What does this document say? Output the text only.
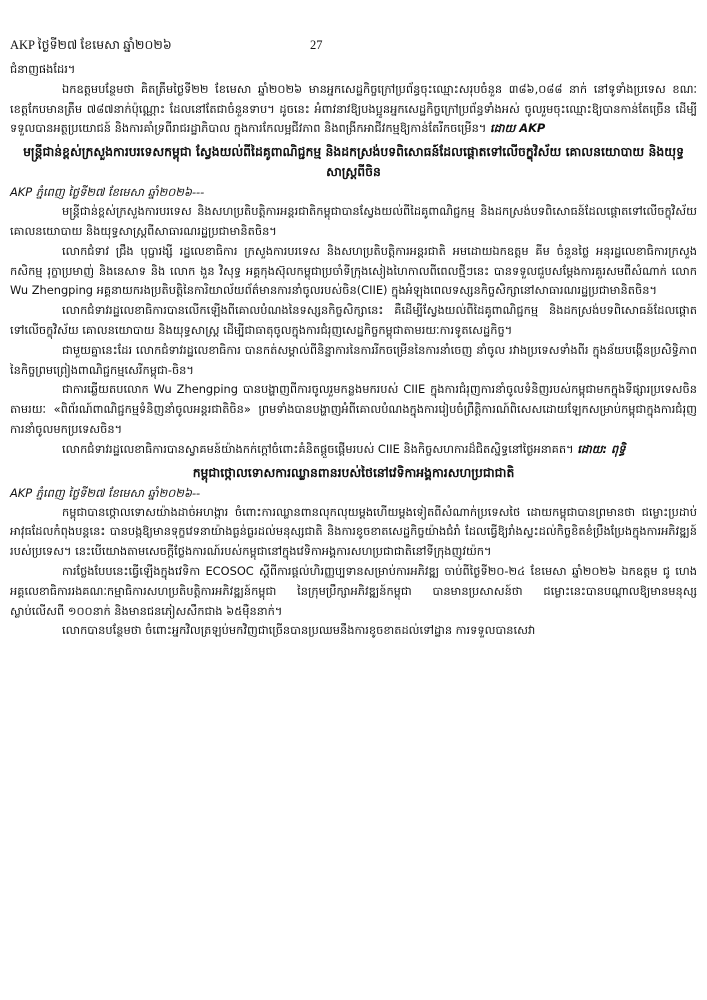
AKP ថ្ងៃទី២៧ ខែមេសា ឆ្នាំ២០២៦	27

ជំនាញផងដែរ។

ឯកឧត្តមបន្ថែមថា គិតត្រឹមថ្ងៃទី២២ ខែមេសា ឆ្នាំ២០២៦ មានអ្នកសេដ្ឋកិច្ចក្រៅប្រព័ន្ធចុះឈ្មោះសរុបចំនួន ៣៨៦,០៨៨ នាក់ នៅទូទាំងប្រទេស ខណៈខេត្តកែបមានត្រឹម ៧៨៧នាក់ប៉ុណ្ណោះ ដែលនៅតែជាចំនួនទាប។ ដូចនេះ អំពាវនាវឱ្យបងប្អូនអ្នកសេដ្ឋកិច្ចក្រៅប្រព័ន្ធទាំងអស់ ចូលរួមចុះឈ្មោះឱ្យបានកាន់តែច្រើន ដើម្បីទទួលបានអត្ថប្រយោជន៍ និងការគាំទ្រពីរាជរដ្ឋាភិបាល ក្នុងការកែលម្អជីវភាព និងពង្រីកអាជីវកម្មឱ្យកាន់តែរីកចម្រើន។ ដោយ AKP

មន្ត្រីជាន់ខ្ពស់ក្រសួងការបរទេសកម្ពុជា ស្វែងយល់ពីដៃគូពាណិជ្ជកម្ម និងដកស្រង់បទពិសោធន៍ដែលផ្ដោតទៅលើចក្ខុវិស័យ គោលនយោបាយ និងយុទ្ធសាស្ត្រពីចិន
AKP ភ្នំពេញ ថ្ងៃទី២៧ ខែមេសា ឆ្នាំ២០២៦---

មន្ត្រីជាន់ខ្ពស់ក្រសួងការបរទេស និងសហប្រតិបត្តិការអន្តរជាតិកម្ពុជាបានស្វែងយល់ពីដៃគូពាណិជ្ជកម្ម និងដកស្រង់បទពិសោធន៍ដែលផ្ដោតទៅលើចក្ខុវិស័យ គោលនយោបាយ និងយុទ្ធសាស្ត្រពីសាធារណរដ្ឋប្រជាមានិតចិន។

លោកជំទាវ ជ្រឹង បុប្ផារង្សី រដ្ឋលេខាធិការ ក្រសួងការបរទេស និងសហប្រតិបត្តិការអន្តរជាតិ អមដោយឯកឧត្តម គីម ចំនួនថ្លៃ អនុរដ្ឋលេខាធិការក្រសួងកសិកម្ម រុក្ខាប្រមាញ់ និងនេសាទ និង លោក ងួន វិសុទ្ធ អគ្គកុងស៊ុលកម្ពុជាប្រចាំទីក្រុងសៀងហៃកាលពីពេលថ្មីៗនេះ បានទទួលជួបសម្ដែងការគួរសមពីសំណាក់ លោក Wu Zhengping អគ្គនាយករងប្រតិបត្តិនៃការិយាល័យព័ត៌មានការនាំចូលរបស់ចិន(CIIE) ក្នុងអំឡុងពេលទស្សនកិច្ចសិក្សានៅសាធារណរដ្ឋប្រជាមានិតចិន។

លោកជំទាវរដ្ឋលេខាធិការបានលើកឡើងពីគោលបំណងនៃទស្សនកិច្ចសិក្សានេះ គឺដើម្បីស្វែងយល់ពីដៃគូពាណិជ្ជកម្ម និងដកស្រង់បទពិសោធន៍ដែលផ្ដោតទៅលើចក្ខុវិស័យ គោលនយោបាយ និងយុទ្ធសាស្ត្រ ដើម្បីជាធាតុចូលក្នុងការជំរុញសេដ្ឋកិច្ចកម្ពុជាតាមរយៈការទូតសេដ្ឋកិច្ច។

ជាមួយគ្នានេះដែរ លោកជំទាវរដ្ឋលេខាធិការ បានកត់សម្គាល់ពីនិន្នាការនៃការរីកចម្រើននៃការនាំចេញ នាំចូល រវាងប្រទេសទាំងពីរ ក្នុងន័យបង្កើនប្រសិទ្ធិភាពនៃកិច្ចព្រមព្រៀងពាណិជ្ជកម្មសេរីកម្ពុជា-ចិន។

ជាការឆ្លើយតបលោក Wu Zhengping បានបង្ហាញពីការចូលរួមកន្លងមករបស់ CIIE ក្នុងការជំរុញការនាំចូលទំនិញរបស់កម្ពុជាមកក្នុងទីផ្សារប្រទេសចិន តាមរយៈ «ពិព័រណ៍ពាណិជ្ជកម្មទំនិញនាំចូលអន្តរជាតិចិន» ព្រមទាំងបានបង្ហាញអំពីគោលបំណងក្នុងការរៀបចំព្រឹត្តិការណ៍ពិសេសដោយឡែកសម្រាប់កម្ពុជាក្នុងការជំរុញការនាំចូលមកប្រទេសចិន។

លោកជំទាវរដ្ឋលេខាធិការបានស្វាគមន៍យ៉ាងកក់ក្ដៅចំពោះគំនិតផ្ដួចផ្ដើមរបស់ CIIE និងកិច្ចសហការដ៏ជិតស្និទ្ធនៅថ្ងៃអនាគត។ ដោយ: ពុទ្ធិ

កម្ពុជាថ្កោលទោសការឈ្លានពានរបស់ថៃនៅវេទិកាអង្គការសហប្រជាជាតិ
AKP ភ្នំពេញ ថ្ងៃទី២៧ ខែមេសា ឆ្នាំ២០២៦--

កម្ពុជាបានថ្កោលទោសយ៉ាងដាច់អហង្ការ ចំពោះការឈ្លានពានលុកលុយម្ដងហើយម្ដងទៀតពីសំណាក់ប្រទេសថៃ ដោយកម្ពុជាបានព្រមានថា ជម្លោះប្រដាប់អាវុធដែលកំពុងបន្តនេះ បានបង្កឱ្យមានទុក្ខវេទនាយ៉ាងធ្ងន់ធ្ងរដល់មនុស្សជាតិ និងការខូចខាតសេដ្ឋកិច្ចយ៉ាងជំរាំ ដែលធ្វើឱ្យរាំងស្ទះដល់កិច្ចខិតខំប្រឹងប្រែងក្នុងការអភិវឌ្ឍន៍របស់ប្រទេស។ នេះបើយោងតាមសេចក្ដីថ្លែងការណ៍របស់កម្ពុជានៅក្នុងវេទិកាអង្គការសហប្រជាជាតិនៅទីក្រុងញូវយ៉ក។

ការថ្លែងបែបនេះធ្វើឡើងក្នុងវេទិកា ECOSOC ស្ដីពីការផ្ដល់ហិរញ្ញប្បទានសម្រាប់ការអភិវឌ្ឍ ចាប់ពីថ្ងៃទី២០-២៤ ខែមេសា ឆ្នាំ២០២៦ ឯកឧត្តម ជូ ហេង អគ្គលេខាធិការរងគណៈកម្មាធិការសហប្រតិបត្តិការអភិវឌ្ឍន៍កម្ពុជា នៃក្រុមប្រឹក្សាអភិវឌ្ឍន៍កម្ពុជា បានមានប្រសាសន៍ថា ជម្លោះនេះបានបណ្ដាលឱ្យមានមនុស្សស្លាប់លើសពី ១០០នាក់ និងមានជនភៀសសឹកជាង ៦៥ម៉ឺននាក់។

លោកបានបន្ថែមថា ចំពោះអ្នកវិលត្រឡប់មកវិញជាច្រើនបានប្រឈមនឹងការខូចខាតដល់ទៅដ្ឋាន ការទទួលបានសេវា
